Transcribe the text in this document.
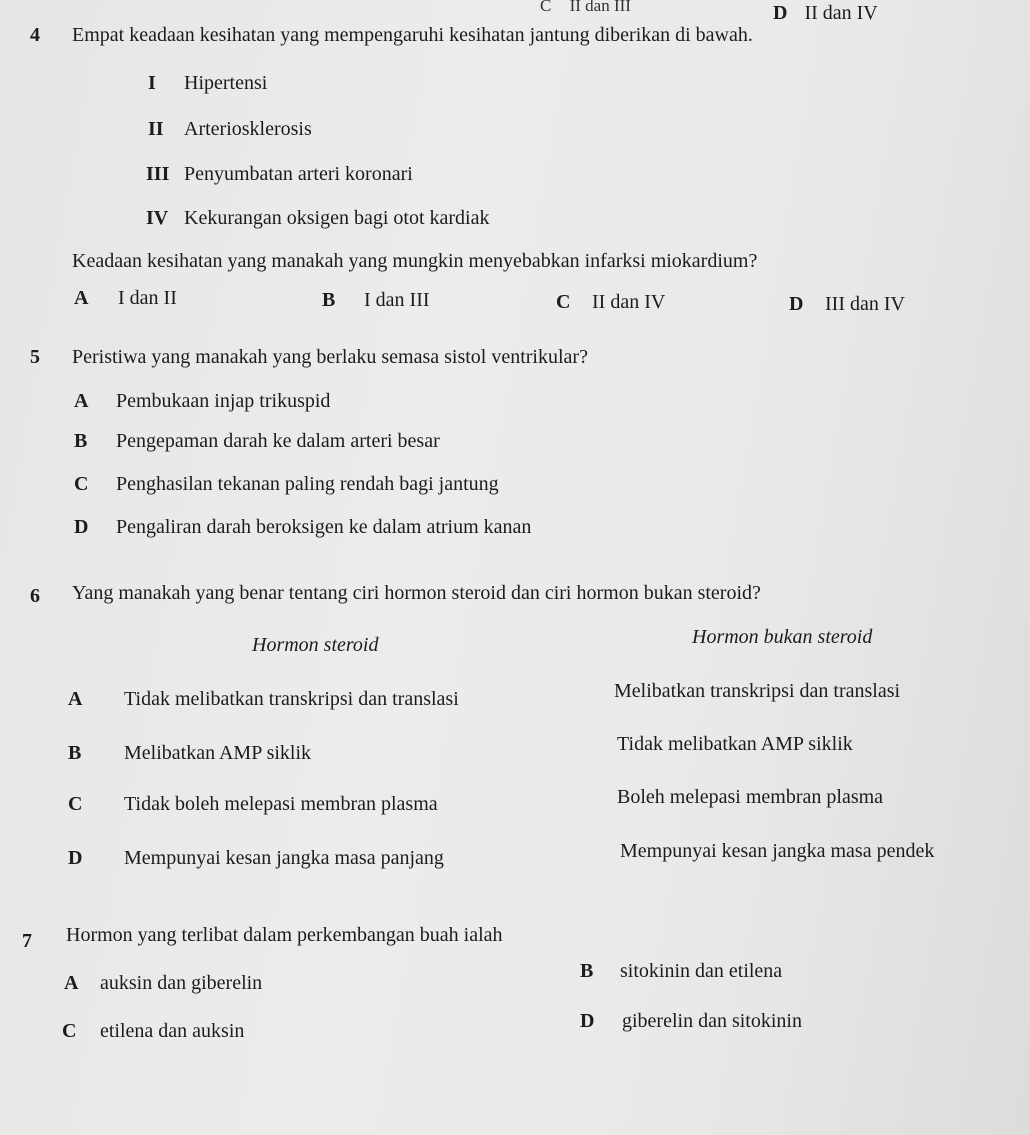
C II dan III	D II dan IV
4 Empat keadaan kesihatan yang mempengaruhi kesihatan jantung diberikan di bawah.
I Hipertensi
II Arteriosklerosis
III Penyumbatan arteri koronari
IV Kekurangan oksigen bagi otot kardiak
Keadaan kesihatan yang manakah yang mungkin menyebabkan infarksi miokardium?
A I dan II	B I dan III	C II dan IV	D III dan IV
5 Peristiwa yang manakah yang berlaku semasa sistol ventrikular?
A Pembukaan injap trikuspid
B Pengepaman darah ke dalam arteri besar
C Penghasilan tekanan paling rendah bagi jantung
D Pengaliran darah beroksigen ke dalam atrium kanan
6 Yang manakah yang benar tentang ciri hormon steroid dan ciri hormon bukan steroid?
Hormon steroid	Hormon bukan steroid
A Tidak melibatkan transkripsi dan translasi	Melibatkan transkripsi dan translasi
B Melibatkan AMP siklik	Tidak melibatkan AMP siklik
C Tidak boleh melepasi membran plasma	Boleh melepasi membran plasma
D Mempunyai kesan jangka masa panjang	Mempunyai kesan jangka masa pendek
7 Hormon yang terlibat dalam perkembangan buah ialah
A auksin dan giberelin
B sitokinin dan etilena
C etilena dan auksin	D giberelin dan sitokinin
